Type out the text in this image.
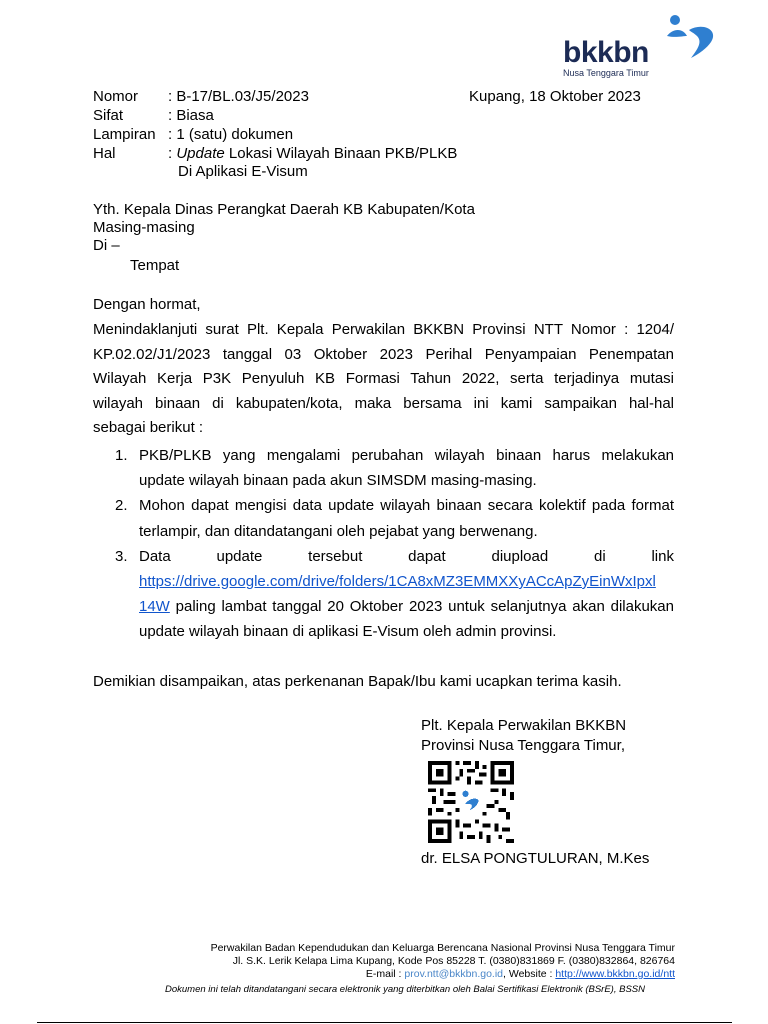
bkkbn
Nusa Tenggara Timur
Nomor : B-17/BL.03/J5/2023	Kupang, 18 Oktober 2023
Sifat	: Biasa
Lampiran : 1 (satu) dokumen
Hal	: Update Lokasi Wilayah Binaan PKB/PLKB
Di Aplikasi E-Visum
Yth. Kepala Dinas Perangkat Daerah KB Kabupaten/Kota
Masing-masing
Di –
Tempat
Dengan hormat,
Menindaklanjuti surat Plt. Kepala Perwakilan BKKBN Provinsi NTT Nomor : 1204/
KP.02.02/J1/2023 tanggal 03 Oktober 2023 Perihal Penyampaian Penempatan
Wilayah Kerja P3K Penyuluh KB Formasi Tahun 2022, serta terjadinya mutasi
wilayah binaan di kabupaten/kota, maka bersama ini kami sampaikan hal-hal
sebagai berikut :
1. PKB/PLKB yang mengalami perubahan wilayah binaan harus melakukan
update wilayah binaan pada akun SIMSDM masing-masing.
2. Mohon dapat mengisi data update wilayah binaan secara kolektif pada format
terlampir, dan ditandatangani oleh pejabat yang berwenang.
3. Data update tersebut dapat diupload di link
https://drive.google.com/drive/folders/1CA8xMZ3EMMXXyACcApZyEinWxIpxl
14W paling lambat tanggal 20 Oktober 2023 untuk selanjutnya akan dilakukan
update wilayah binaan di aplikasi E-Visum oleh admin provinsi.
Demikian disampaikan, atas perkenanan Bapak/Ibu kami ucapkan terima kasih.
Plt. Kepala Perwakilan BKKBN
Provinsi Nusa Tenggara Timur,
dr. ELSA PONGTULURAN, M.Kes
Perwakilan Badan Kependudukan dan Keluarga Berencana Nasional Provinsi Nusa Tenggara Timur
Jl. S.K. Lerik Kelapa Lima Kupang, Kode Pos 85228 T. (0380)831869 F. (0380)832864, 826764
E-mail : prov.ntt@bkkbn.go.id, Website : http://www.bkkbn.go.id/ntt
Dokumen ini telah ditandatangani secara elektronik yang diterbitkan oleh Balai Sertifikasi Elektronik (BSrE), BSSN
